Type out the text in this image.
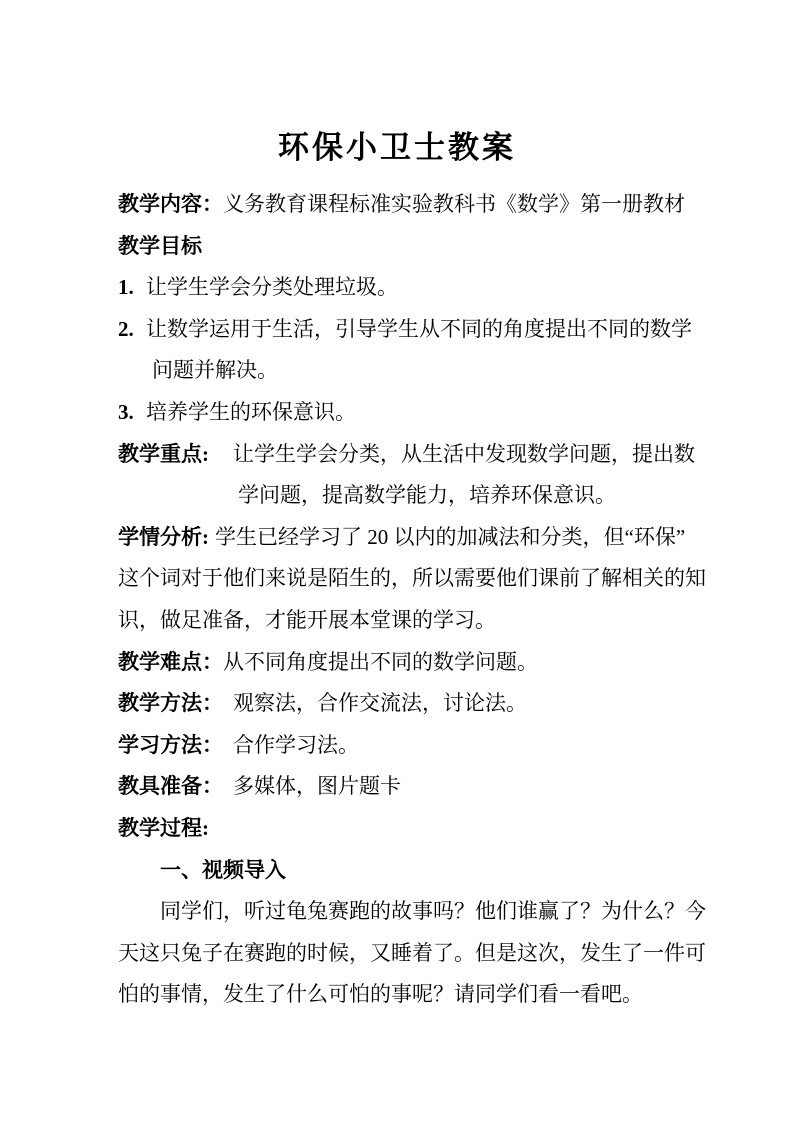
环保小卫士教案
教学内容：义务教育课程标准实验教科书《数学》第一册教材
教学目标
1. 让学生学会分类处理垃圾。
2. 让数学运用于生活，引导学生从不同的角度提出不同的数学
问题并解决。
3. 培养学生的环保意识。
教学重点: 让学生学会分类，从生活中发现数学问题，提出数
学问题，提高数学能力，培养环保意识。
学情分析: 学生已经学习了 20 以内的加减法和分类，但“环保”
这个词对于他们来说是陌生的，所以需要他们课前了解相关的知
识，做足准备，才能开展本堂课的学习。
教学难点：从不同角度提出不同的数学问题。
教学方法： 观察法，合作交流法，讨论法。
学习方法： 合作学习法。
教具准备： 多媒体，图片题卡
教学过程:
一、视频导入
同学们，听过龟兔赛跑的故事吗？他们谁赢了？为什么？今
天这只兔子在赛跑的时候，又睡着了。但是这次，发生了一件可
怕的事情，发生了什么可怕的事呢？请同学们看一看吧。
